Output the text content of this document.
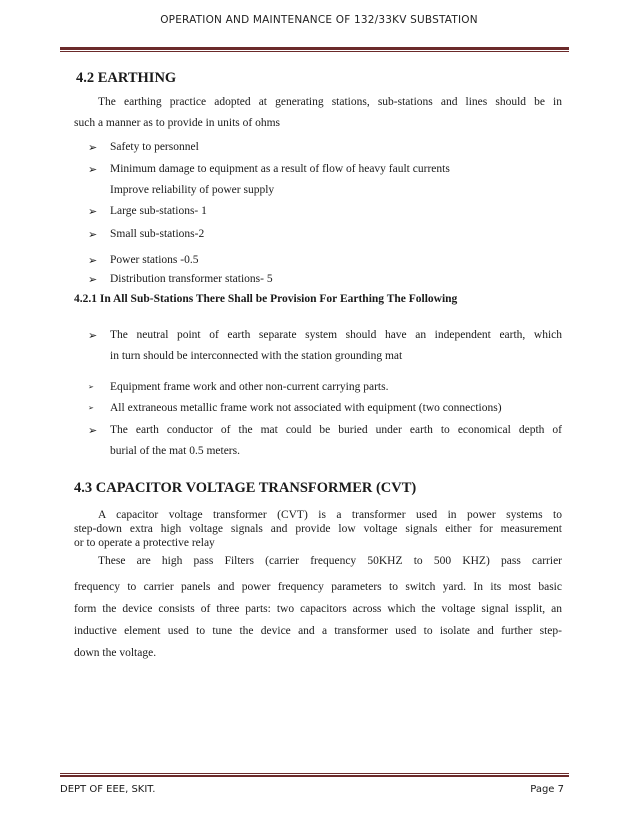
OPERATION AND MAINTENANCE OF 132/33KV SUBSTATION
4.2 EARTHING
The earthing practice adopted at generating stations, sub-stations and lines should be in
such a manner as to provide in units of ohms
➢	Safety to personnel
➢	Minimum damage to equipment as a result of flow of heavy fault currents
Improve reliability of power supply
➢	Large sub-stations- 1
➢	Small sub-stations-2
➢	Power stations -0.5
➢	Distribution transformer stations- 5
4.2.1 In All Sub-Stations There Shall be Provision For Earthing The Following
➢	The neutral point of earth separate system should have an independent earth, which
in turn should be interconnected with the station grounding mat
➢	Equipment frame work and other non-current carrying parts.
➢	All extraneous metallic frame work not associated with equipment (two connections)
➢	The earth conductor of the mat could be buried under earth to economical depth of
burial of the mat 0.5 meters.
4.3 CAPACITOR VOLTAGE TRANSFORMER (CVT)
A capacitor voltage transformer (CVT) is a transformer used in power systems to
step-down extra high voltage signals and provide low voltage signals either for measurement
or to operate a protective relay
These are high pass Filters (carrier frequency 50KHZ to 500 KHZ) pass carrier
frequency to carrier panels and power frequency parameters to switch yard. In its most basic
form the device consists of three parts: two capacitors across which the voltage signal issplit, an
inductive element used to tune the device and a transformer used to isolate and further step-
down the voltage.
DEPT OF EEE, SKIT.	Page 7
